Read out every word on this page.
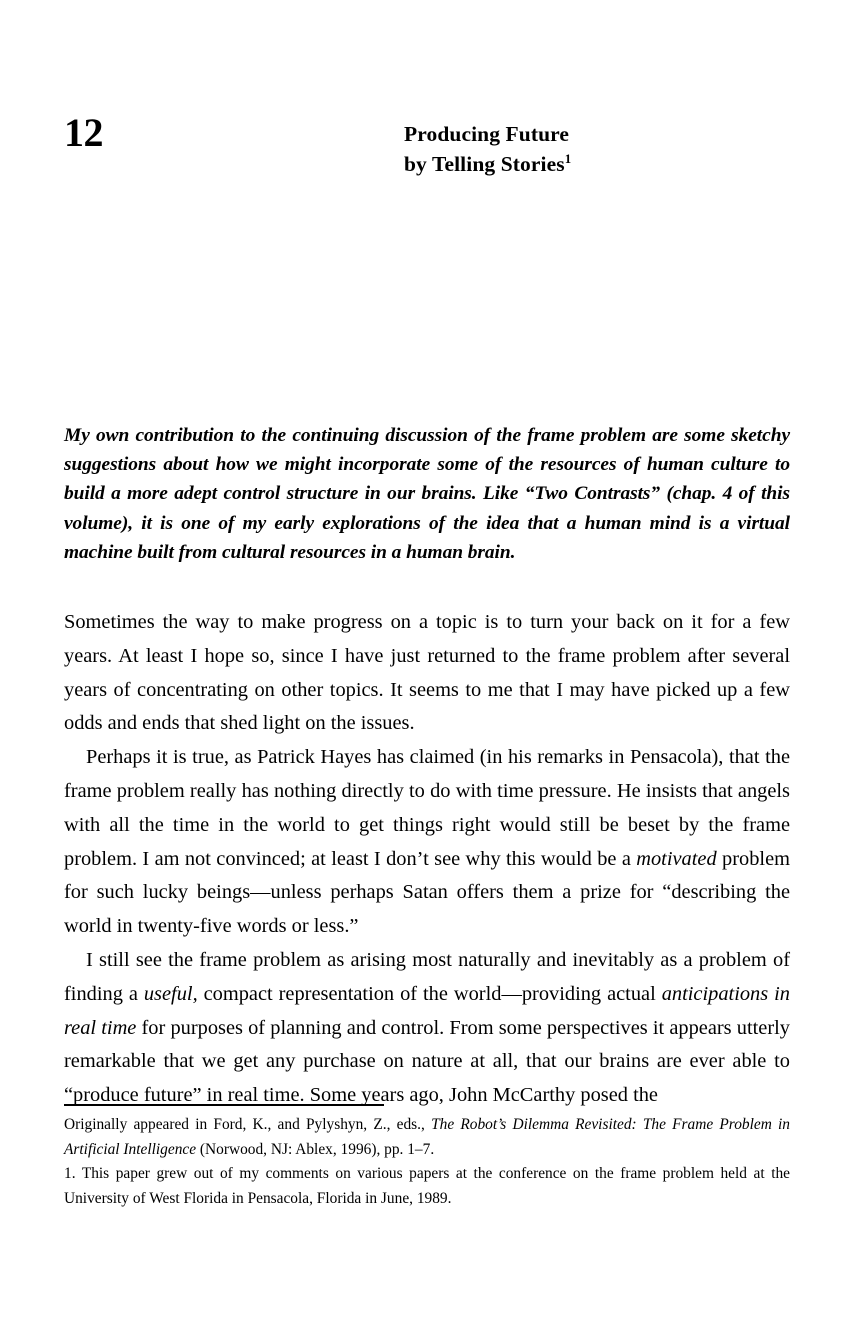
12	Producing Future
by Telling Stories$^1$
My own contribution to the continuing discussion of the frame problem are some sketchy suggestions about how we might incorporate some of the resources of human culture to build a more adept control structure in our brains. Like “Two Contrasts” (chap. 4 of this volume), it is one of my early explorations of the idea that a human mind is a virtual machine built from cultural resources in a human brain.

Sometimes the way to make progress on a topic is to turn your back on it for a few years. At least I hope so, since I have just returned to the frame problem after several years of concentrating on other topics. It seems to me that I may have picked up a few odds and ends that shed light on the issues.

Perhaps it is true, as Patrick Hayes has claimed (in his remarks in Pensacola), that the frame problem really has nothing directly to do with time pressure. He insists that angels with all the time in the world to get things right would still be beset by the frame problem. I am not convinced; at least I don’t see why this would be a motivated problem for such lucky beings—unless perhaps Satan offers them a prize for “describing the world in twenty-five words or less.”

I still see the frame problem as arising most naturally and inevitably as a problem of finding a useful, compact representation of the world—providing actual anticipations in real time for purposes of planning and control. From some perspectives it appears utterly remarkable that we get any purchase on nature at all, that our brains are ever able to “produce future” in real time. Some years ago, John McCarthy posed the

Originally appeared in Ford, K., and Pylyshyn, Z., eds., The Robot’s Dilemma Revisited: The Frame Problem in Artificial Intelligence (Norwood, NJ: Ablex, 1996), pp. 1–7.

1. This paper grew out of my comments on various papers at the conference on the frame problem held at the University of West Florida in Pensacola, Florida in June, 1989.
